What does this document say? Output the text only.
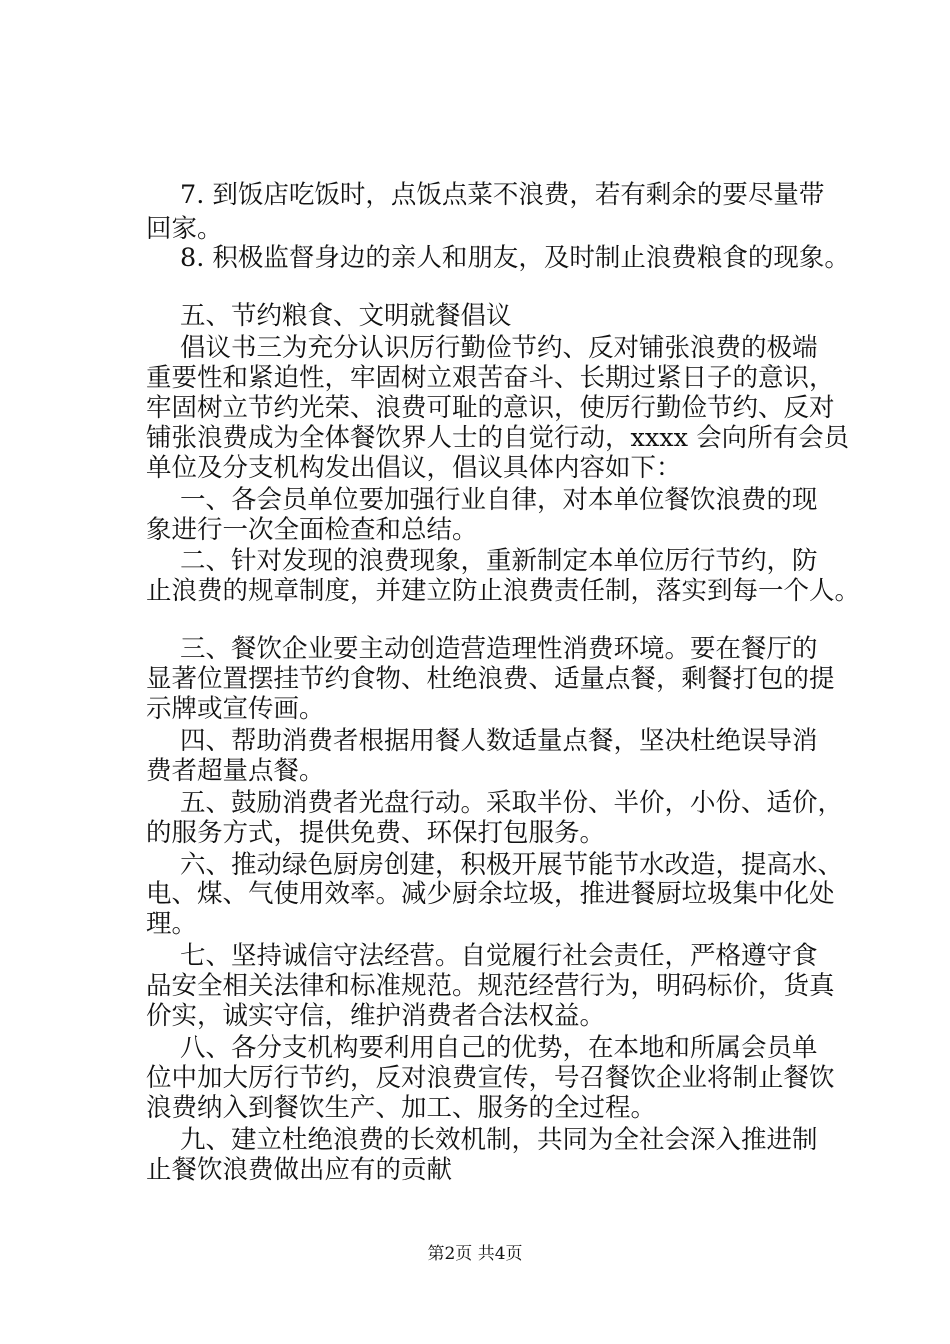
7. 到饭店吃饭时，点饭点菜不浪费，若有剩余的要尽量带
回家。
8. 积极监督身边的亲人和朋友，及时制止浪费粮食的现象。
五、节约粮食、文明就餐倡议
倡议书三为充分认识厉行勤俭节约、反对铺张浪费的极端
重要性和紧迫性，牢固树立艰苦奋斗、长期过紧日子的意识，
牢固树立节约光荣、浪费可耻的意识，使厉行勤俭节约、反对
铺张浪费成为全体餐饮界人士的自觉行动，xxxx 会向所有会员
单位及分支机构发出倡议，倡议具体内容如下：
一、各会员单位要加强行业自律，对本单位餐饮浪费的现
象进行一次全面检查和总结。
二、针对发现的浪费现象，重新制定本单位厉行节约，防
止浪费的规章制度，并建立防止浪费责任制，落实到每一个人。
三、餐饮企业要主动创造营造理性消费环境。要在餐厅的
显著位置摆挂节约食物、杜绝浪费、适量点餐，剩餐打包的提
示牌或宣传画。
四、帮助消费者根据用餐人数适量点餐，坚决杜绝误导消
费者超量点餐。
五、鼓励消费者光盘行动。采取半份、半价，小份、适价，
的服务方式，提供免费、环保打包服务。
六、推动绿色厨房创建，积极开展节能节水改造，提高水、
电、煤、气使用效率。减少厨余垃圾，推进餐厨垃圾集中化处
理。
七、坚持诚信守法经营。自觉履行社会责任，严格遵守食
品安全相关法律和标准规范。规范经营行为，明码标价，货真
价实，诚实守信，维护消费者合法权益。
八、各分支机构要利用自己的优势，在本地和所属会员单
位中加大厉行节约，反对浪费宣传，号召餐饮企业将制止餐饮
浪费纳入到餐饮生产、加工、服务的全过程。
九、建立杜绝浪费的长效机制，共同为全社会深入推进制
止餐饮浪费做出应有的贡献
第2页 共4页
